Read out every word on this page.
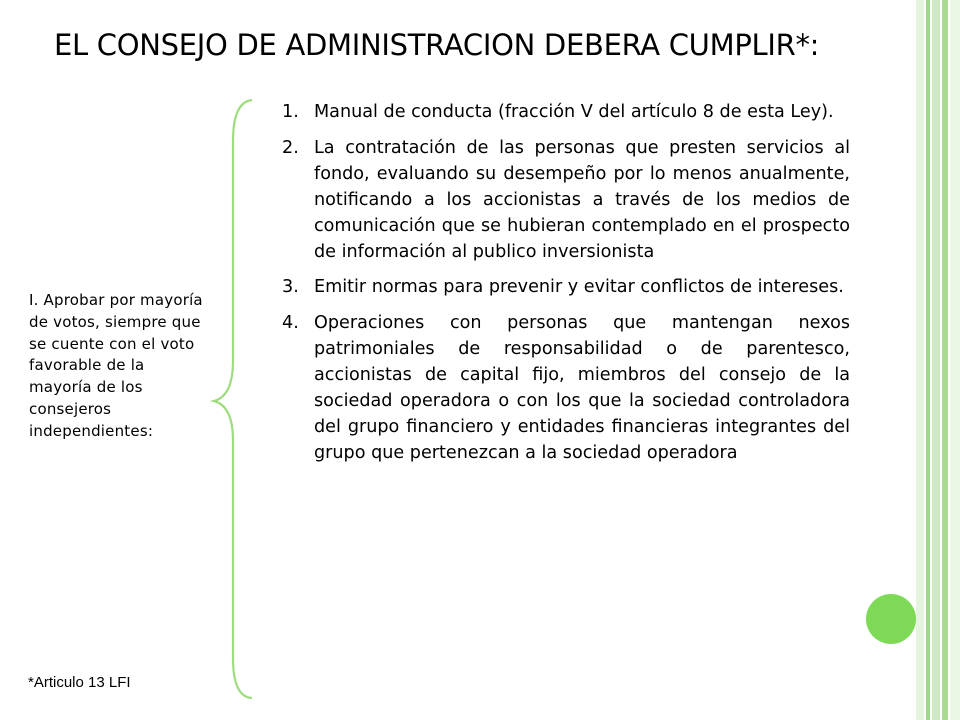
EL CONSEJO DE ADMINISTRACION DEBERA CUMPLIR*:
I. Aprobar por mayoría de votos, siempre que se cuente con el voto favorable de la mayoría de los consejeros independientes:
1. Manual de conducta (fracción V del artículo 8 de esta Ley).
2. La contratación de las personas que presten servicios al fondo, evaluando su desempeño por lo menos anualmente, notificando a los accionistas a través de los medios de comunicación que se hubieran contemplado en el prospecto de información al publico inversionista
3. Emitir normas para prevenir y evitar conflictos de intereses.
4. Operaciones con personas que mantengan nexos patrimoniales de responsabilidad o de parentesco, accionistas de capital fijo, miembros del consejo de la sociedad operadora o con los que la sociedad controladora del grupo financiero y entidades financieras integrantes del grupo que pertenezcan a la sociedad operadora
*Articulo 13 LFI
